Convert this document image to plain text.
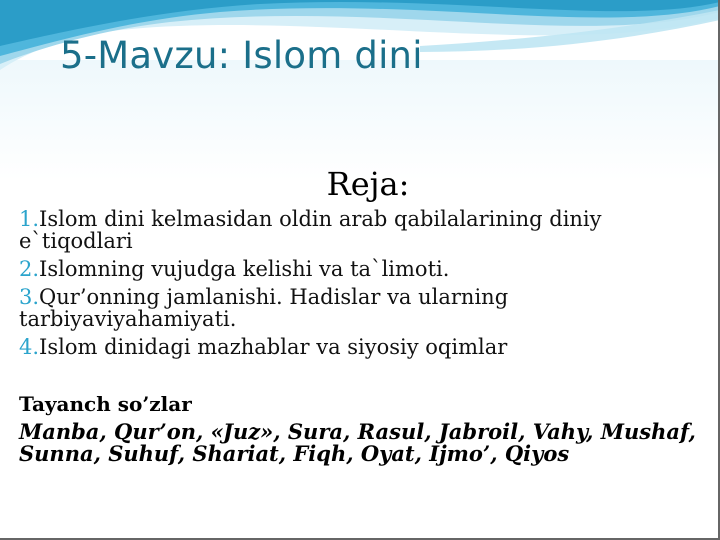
5-Mavzu: Islom dini
Reja:
1.Islom dini kelmasidan oldin arab qabilalarining diniy e`tiqodlari
2.Islomning vujudga kelishi va ta`limoti.
3.Qur’onning jamlanishi. Hadislar va ularning tarbiyaviyahamiyati.
4.Islom dinidagi mazhablar va siyosiy oqimlar
Tayanch so’zlar
Manba, Qur’on, «Juz», Sura, Rasul, Jabroil, Vahy, Mushaf, Sunna, Suhuf, Shariat, Fiqh, Oyat, Ijmo’, Qiyos
